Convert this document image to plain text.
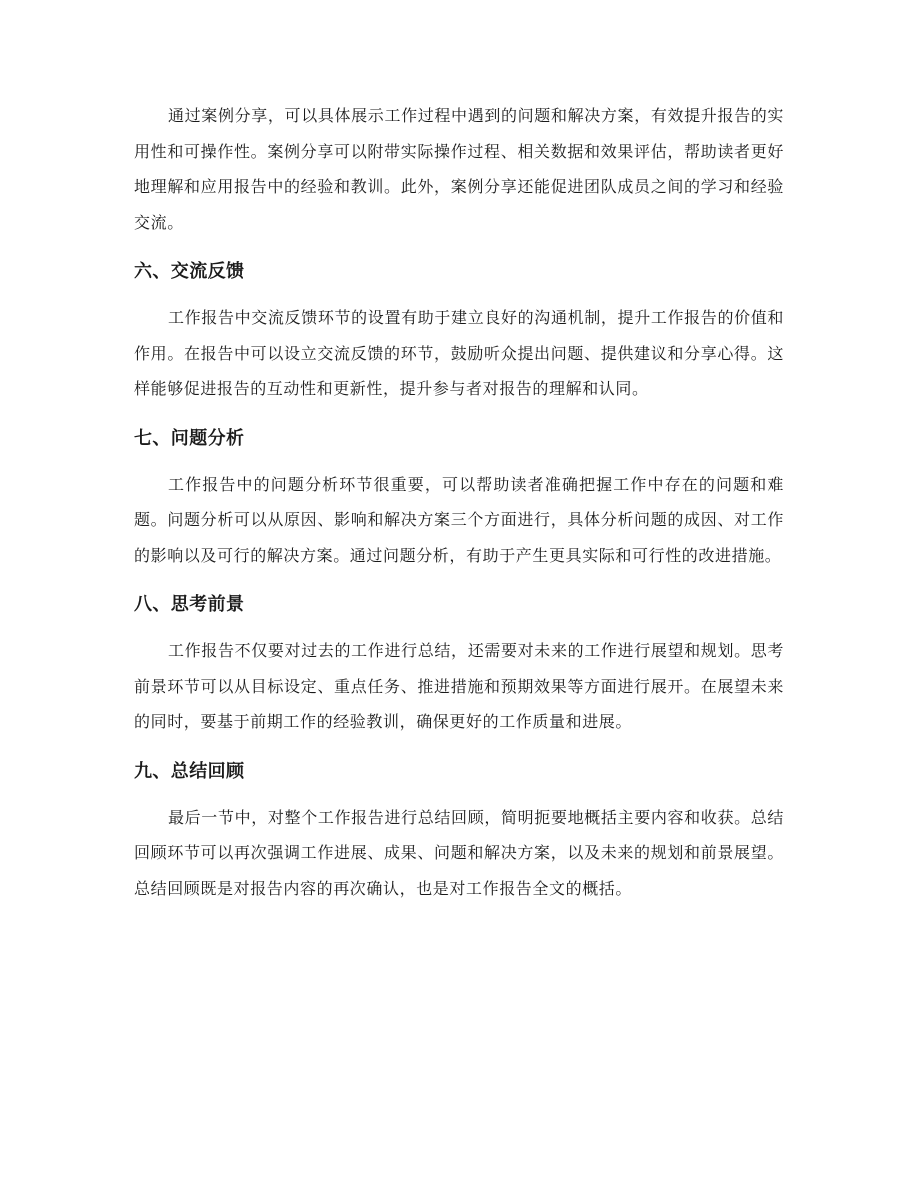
通过案例分享，可以具体展示工作过程中遇到的问题和解决方案，有效提升报告的实用性和可操作性。案例分享可以附带实际操作过程、相关数据和效果评估，帮助读者更好地理解和应用报告中的经验和教训。此外，案例分享还能促进团队成员之间的学习和经验交流。

六、交流反馈

工作报告中交流反馈环节的设置有助于建立良好的沟通机制，提升工作报告的价值和作用。在报告中可以设立交流反馈的环节，鼓励听众提出问题、提供建议和分享心得。这样能够促进报告的互动性和更新性，提升参与者对报告的理解和认同。

七、问题分析

工作报告中的问题分析环节很重要，可以帮助读者准确把握工作中存在的问题和难题。问题分析可以从原因、影响和解决方案三个方面进行，具体分析问题的成因、对工作的影响以及可行的解决方案。通过问题分析，有助于产生更具实际和可行性的改进措施。

八、思考前景

工作报告不仅要对过去的工作进行总结，还需要对未来的工作进行展望和规划。思考前景环节可以从目标设定、重点任务、推进措施和预期效果等方面进行展开。在展望未来的同时，要基于前期工作的经验教训，确保更好的工作质量和进展。

九、总结回顾

最后一节中，对整个工作报告进行总结回顾，简明扼要地概括主要内容和收获。总结回顾环节可以再次强调工作进展、成果、问题和解决方案，以及未来的规划和前景展望。总结回顾既是对报告内容的再次确认，也是对工作报告全文的概括。
